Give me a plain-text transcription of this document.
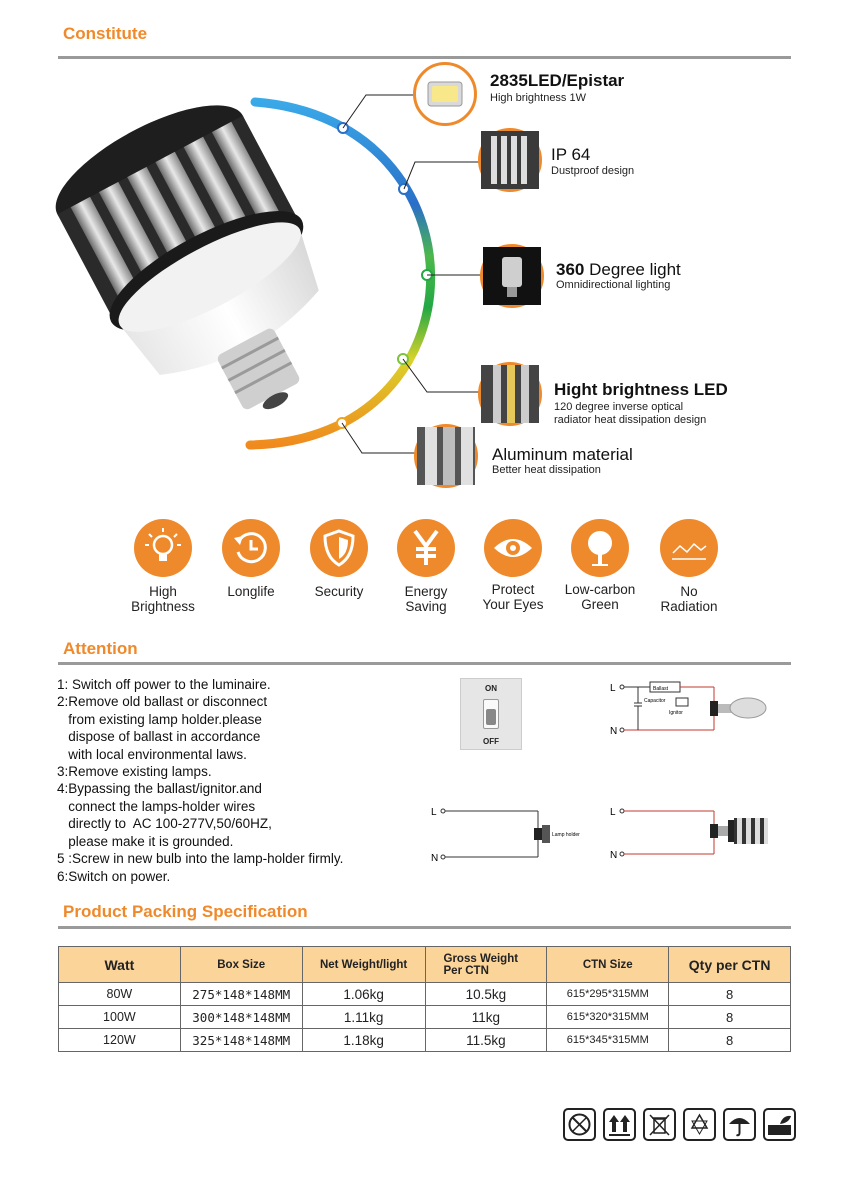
Constitute
2835LED/Epistar
High brightness 1W
IP 64
Dustproof design
360 Degree light
Omnidirectional lighting
Hight brightness LED
120 degree inverse optical
radiator heat dissipation design
Aluminum material
Better heat dissipation
High
Brightness
Longlife	Security	Energy
Saving
Protect
Your Eyes
Low-carbon
Green
No
Radiation
Attention
1: Switch off power to the luminaire.
2:Remove old ballast or disconnect
from existing lamp holder.please
dispose of ballast in accordance
with local environmental laws.
3:Remove existing lamps.
4:Bypassing the ballast/ignitor.and
connect the lamps-holder wires
directly to  AC 100-277V,50/60HZ,
please make it is grounded.
5 :Screw in new bulb into the lamp-holder firmly.
6:Switch on power.
ON
OFF
L
N
Ballast
Capacitor
Ignitor
L
N
Lamp holder
L
N
Product Packing Specification
Watt	Box Size	Net Weight/light	Gross Weight
Per CTN	CTN Size	Qty per CTN
80W	275*148*148MM	1.06kg	10.5kg	615*295*315MM	8
100W	300*148*148MM	1.11kg	11kg	615*320*315MM	8
120W	325*148*148MM	1.18kg	11.5kg	615*345*315MM	8
